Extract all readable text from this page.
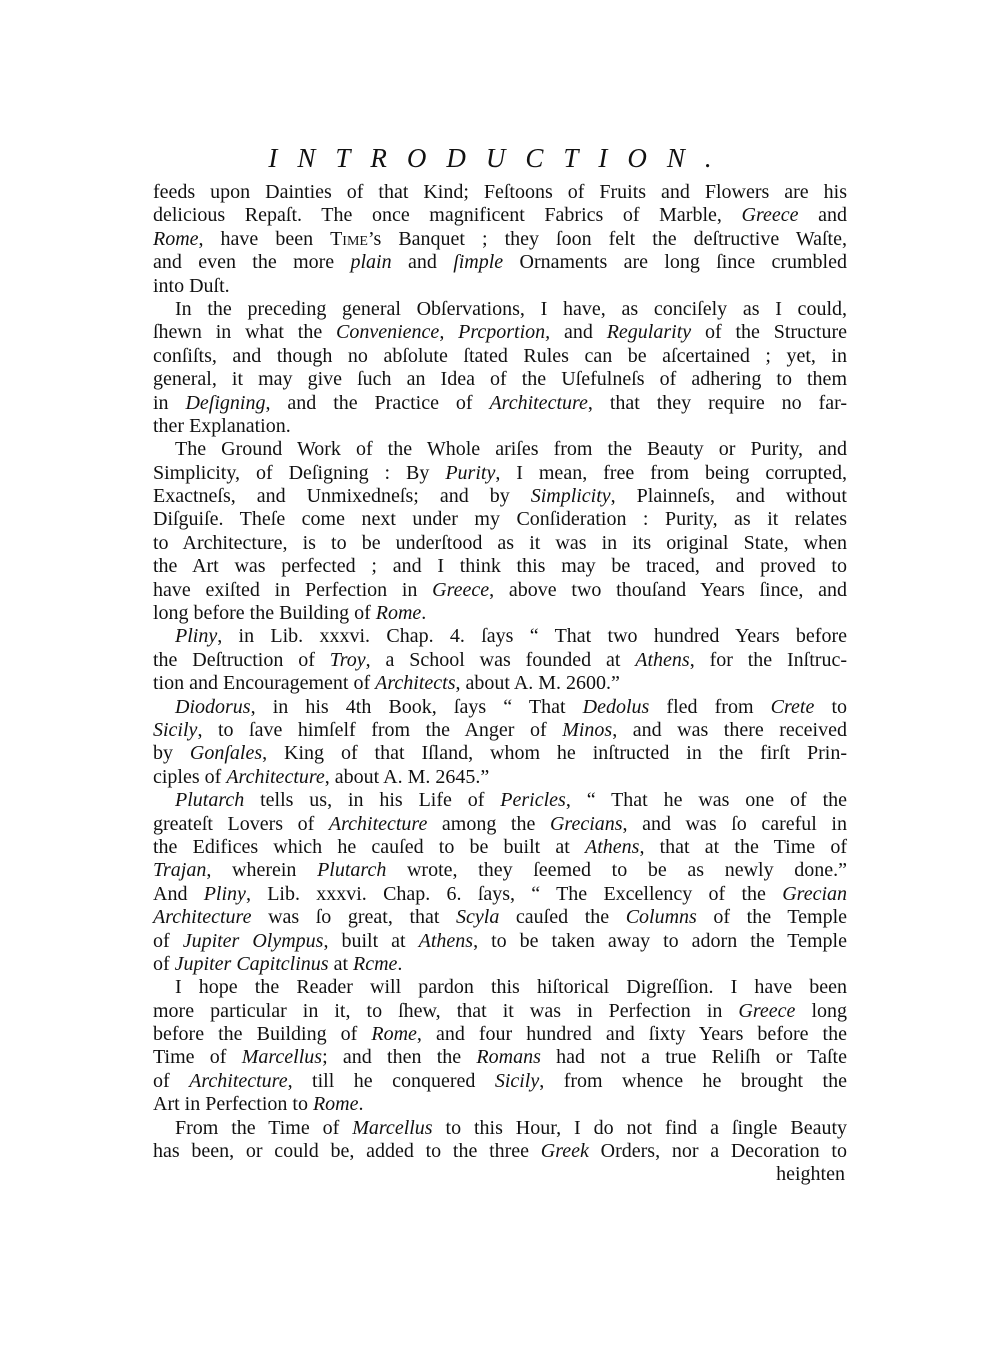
INTRODUCTION.
feeds upon Dainties of that Kind; Feſtoons of Fruits and Flowers are his
delicious Repaſt. The once magnificent Fabrics of Marble, Greece and
Rome, have been Time’s Banquet ; they ſoon felt the deſtructive Waſte,
and even the more plain and ſimple Ornaments are long ſince crumbled
into Duſt.
In the preceding general Obſervations, I have, as conciſely as I could,
ſhewn in what the Convenience, Prcportion, and Regularity of the Structure
conſiſts, and though no abſolute ſtated Rules can be aſcertained ; yet, in
general, it may give ſuch an Idea of the Uſefulneſs of adhering to them
in Deſigning, and the Practice of Architecture, that they require no far-
ther Explanation.
The Ground Work of the Whole ariſes from the Beauty or Purity, and
Simplicity, of Deſigning : By Purity, I mean, free from being corrupted,
Exactneſs, and Unmixedneſs; and by Simplicity, Plainneſs, and without
Diſguiſe. Theſe come next under my Conſideration : Purity, as it relates
to Architecture, is to be underſtood as it was in its original State, when
the Art was perfected ; and I think this may be traced, and proved to
have exiſted in Perfection in Greece, above two thouſand Years ſince, and
long before the Building of Rome.
Pliny, in Lib. xxxvi. Chap. 4. ſays “ That two hundred Years before
the Deſtruction of Troy, a School was founded at Athens, for the Inſtruc-
tion and Encouragement of Architects, about A. M. 2600.”
Diodorus, in his 4th Book, ſays “ That Dedolus fled from Crete to
Sicily, to ſave himſelf from the Anger of Minos, and was there received
by Gonſales, King of that Iſland, whom he inſtructed in the firſt Prin-
ciples of Architecture, about A. M. 2645.”
Plutarch tells us, in his Life of Pericles, “ That he was one of the
greateſt Lovers of Architecture among the Grecians, and was ſo careful in
the Edifices which he cauſed to be built at Athens, that at the Time of
Trajan, wherein Plutarch wrote, they ſeemed to be as newly done.”
And Pliny, Lib. xxxvi. Chap. 6. ſays, “ The Excellency of the Grecian
Architecture was ſo great, that Scyla cauſed the Columns of the Temple
of Jupiter Olympus, built at Athens, to be taken away to adorn the Temple
of Jupiter Capitclinus at Rcme.
I hope the Reader will pardon this hiſtorical Digreſſion. I have been
more particular in it, to ſhew, that it was in Perfection in Greece long
before the Building of Rome, and four hundred and ſixty Years before the
Time of Marcellus; and then the Romans had not a true Reliſh or Taſte
of Architecture, till he conquered Sicily, from whence he brought the
Art in Perfection to Rome.
From the Time of Marcellus to this Hour, I do not find a ſingle Beauty
has been, or could be, added to the three Greek Orders, nor a Decoration to
heighten
